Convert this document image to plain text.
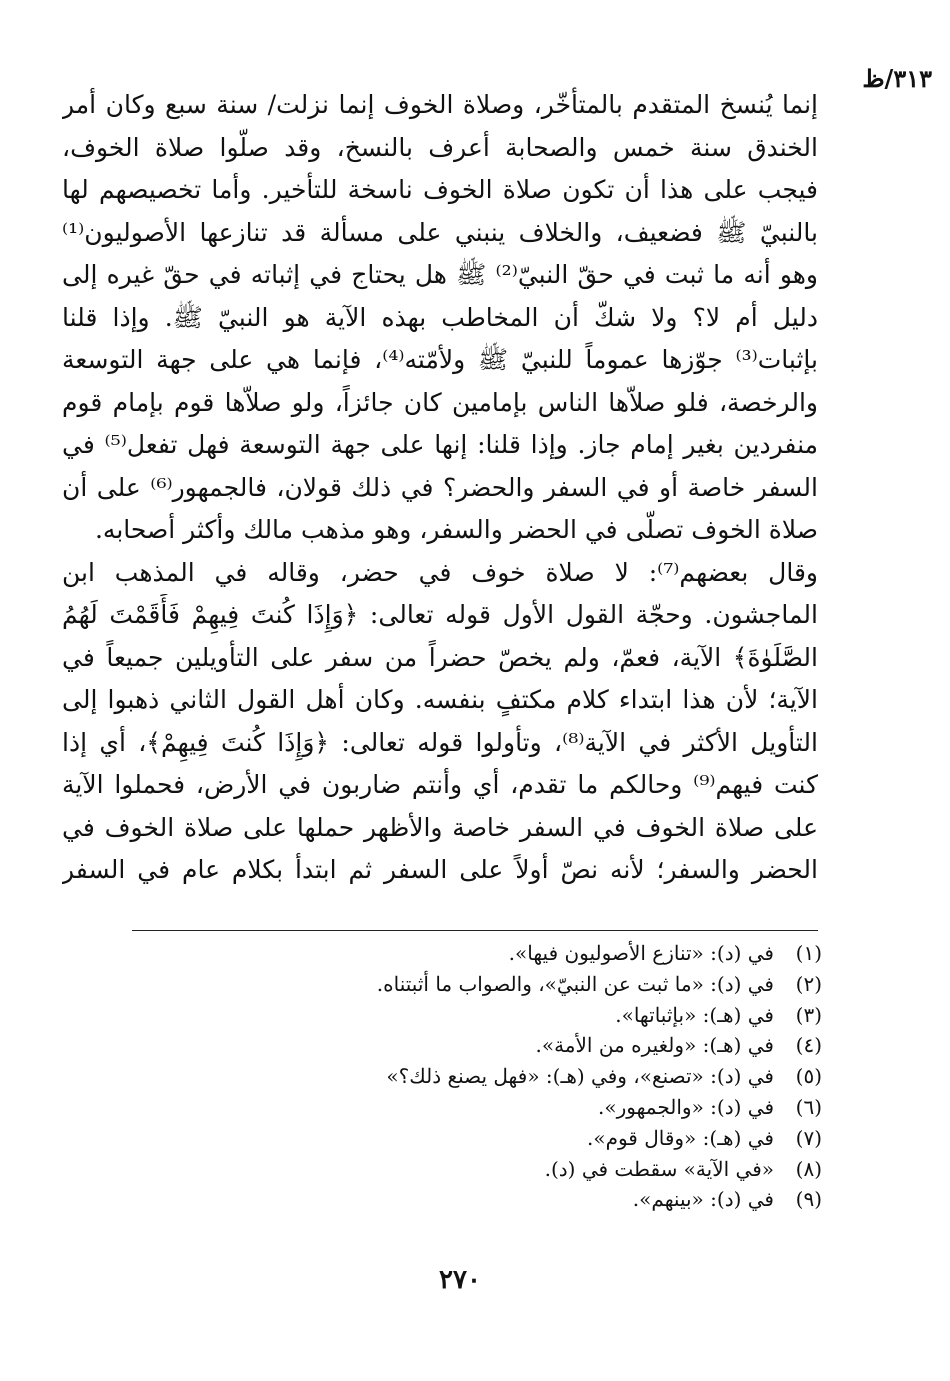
٣١٣/ظ
إنما يُنسخ المتقدم بالمتأخّر، وصلاة الخوف إنما نزلت/ سنة سبع وكان أمر
الخندق سنة خمس والصحابة أعرف بالنسخ، وقد صلّوا صلاة الخوف،
فيجب على هذا أن تكون صلاة الخوف ناسخة للتأخير. وأما تخصيصهم لها
بالنبيّ ﷺ فضعيف، والخلاف ينبني على مسألة قد تنازعها الأصوليون⁽¹⁾
وهو أنه ما ثبت في حقّ النبيّ⁽²⁾ ﷺ هل يحتاج في إثباته في حقّ غيره إلى
دليل أم لا؟ ولا شكّ أن المخاطب بهذه الآية هو النبيّ ﷺ. وإذا قلنا
بإثبات⁽³⁾ جوّزها عموماً للنبيّ ﷺ ولأمّته⁽⁴⁾، فإنما هي على جهة التوسعة
والرخصة، فلو صلاّها الناس بإمامين كان جائزاً، ولو صلاّها قوم بإمام قوم
منفردين بغير إمام جاز. وإذا قلنا: إنها على جهة التوسعة فهل تفعل⁽⁵⁾ في
السفر خاصة أو في السفر والحضر؟ في ذلك قولان، فالجمهور⁽⁶⁾ على أن
صلاة الخوف تصلّى في الحضر والسفر، وهو مذهب مالك وأكثر أصحابه.
وقال بعضهم⁽⁷⁾: لا صلاة خوف في حضر، وقاله في المذهب ابن
الماجشون. وحجّة القول الأول قوله تعالى: ﴿وَإِذَا كُنتَ فِيهِمْ فَأَقَمْتَ لَهُمُ
الصَّلَوٰةَ﴾ الآية، فعمّ، ولم يخصّ حضراً من سفر على التأويلين جميعاً في
الآية؛ لأن هذا ابتداء كلام مكتفٍ بنفسه. وكان أهل القول الثاني ذهبوا إلى
التأويل الأكثر في الآية⁽⁸⁾، وتأولوا قوله تعالى: ﴿وَإِذَا كُنتَ فِيهِمْ﴾، أي إذا
كنت فيهم⁽⁹⁾ وحالكم ما تقدم، أي وأنتم ضاربون في الأرض، فحملوا الآية
على صلاة الخوف في السفر خاصة والأظهر حملها على صلاة الخوف في
الحضر والسفر؛ لأنه نصّ أولاً على السفر ثم ابتدأ بكلام عام في السفر
(١)
في (د): «تنازع الأصوليون فيها».
(٢)
في (د): «ما ثبت عن النبيّ»، والصواب ما أثبتناه.
(٣)
في (هـ): «بإثباتها».
(٤)
في (هـ): «ولغيره من الأمة».
(٥)
في (د): «تصنع»، وفي (هـ): «فهل يصنع ذلك؟»
(٦)
في (د): «والجمهور».
(٧)
في (هـ): «وقال قوم».
(٨)
«في الآية» سقطت في (د).
(٩)
في (د): «بينهم».
٢٧٠
